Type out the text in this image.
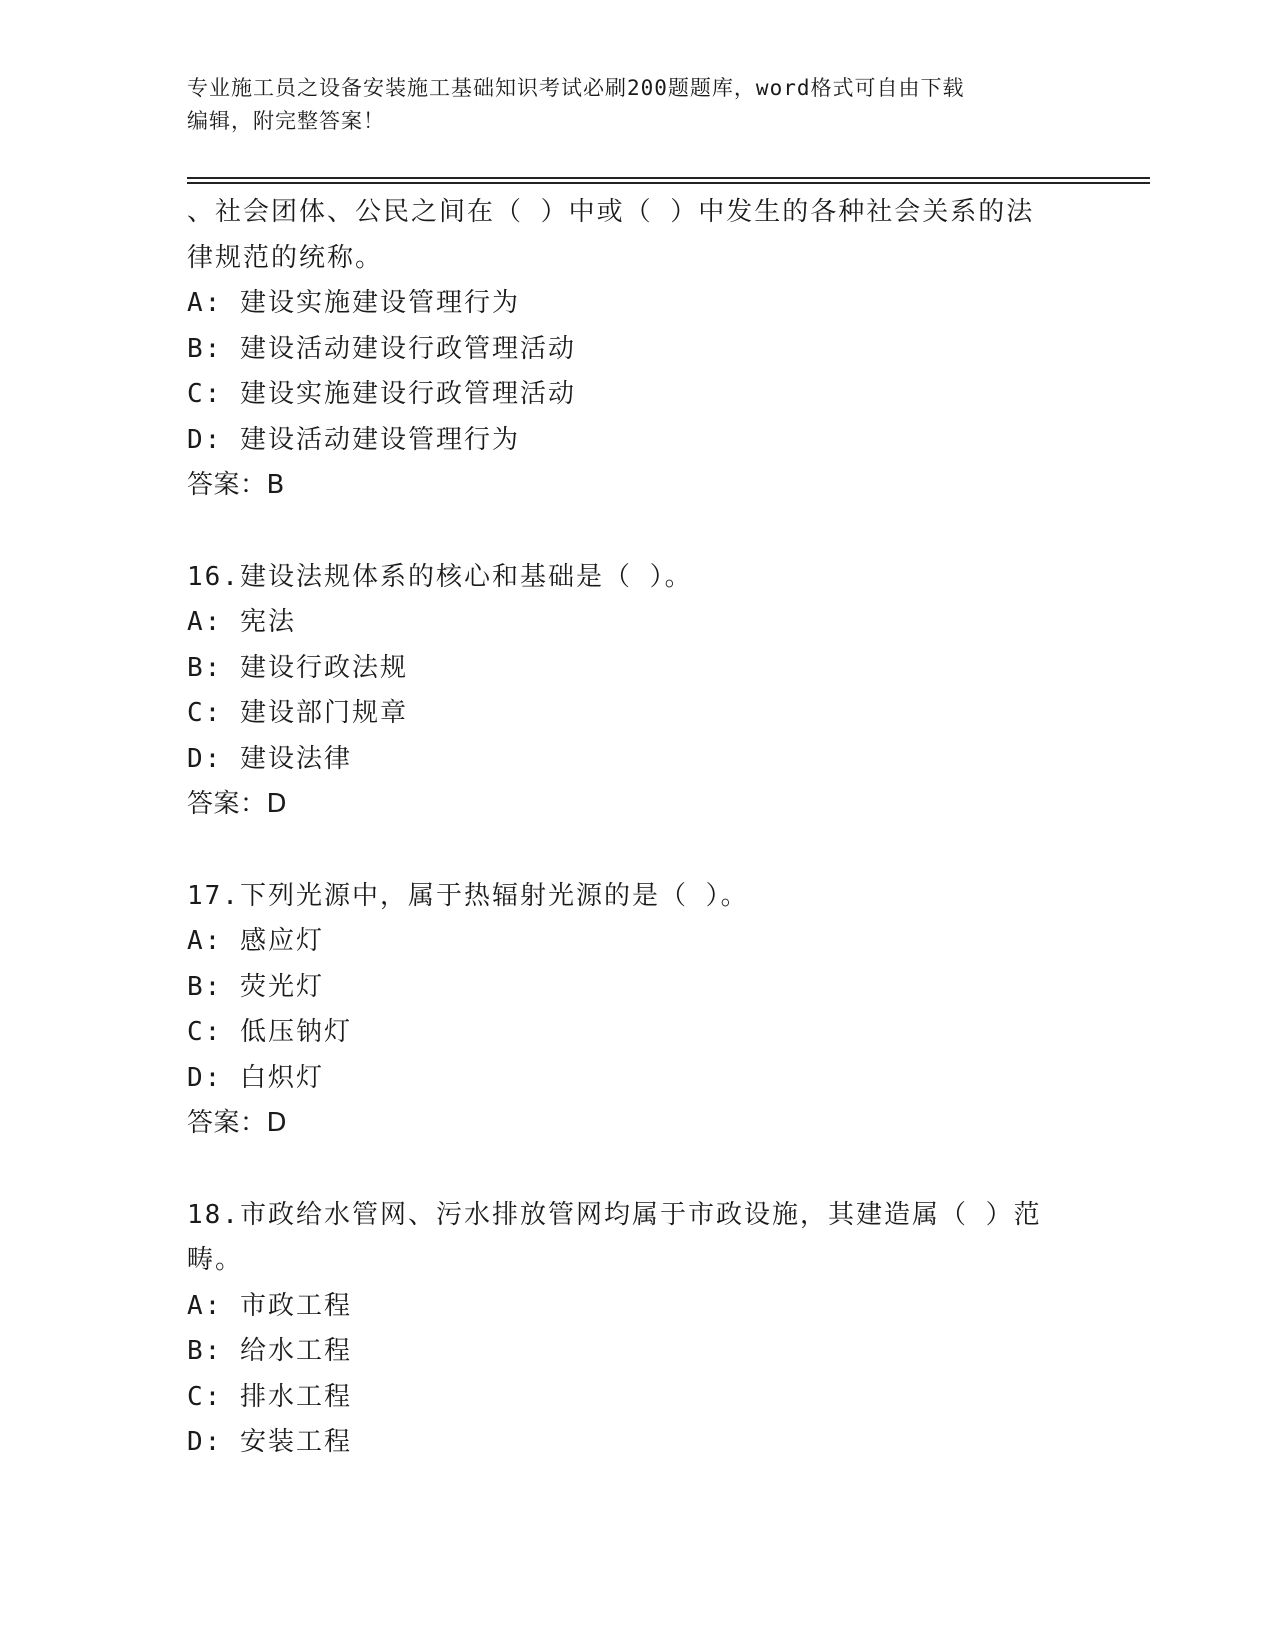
专业施工员之设备安装施工基础知识考试必刷200题题库，word格式可自由下载
编辑，附完整答案！
、社会团体、公民之间在（ ）中或（ ）中发生的各种社会关系的法
律规范的统称。
A: 建设实施建设管理行为
B: 建设活动建设行政管理活动
C: 建设实施建设行政管理活动
D: 建设活动建设管理行为
答案：B
16.建设法规体系的核心和基础是（ ）。
A: 宪法
B: 建设行政法规
C: 建设部门规章
D: 建设法律
答案：D
17.下列光源中，属于热辐射光源的是（ ）。
A: 感应灯
B: 荧光灯
C: 低压钠灯
D: 白炽灯
答案：D
18.市政给水管网、污水排放管网均属于市政设施，其建造属（ ）范
畴。
A: 市政工程
B: 给水工程
C: 排水工程
D: 安装工程
